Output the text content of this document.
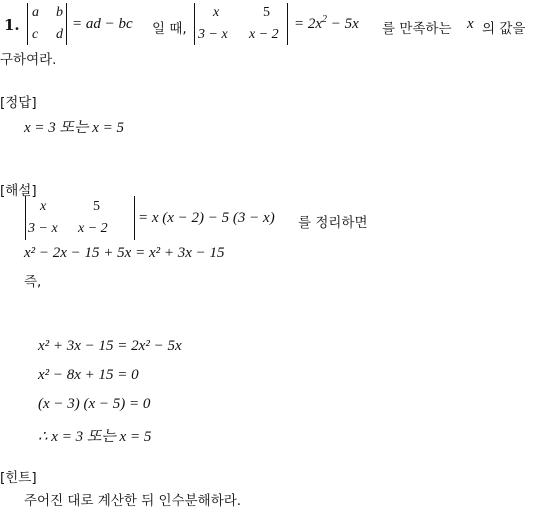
1.
a b
c d
= ad − bc 일 때,
x	5
3 − x x − 2
= $2x^2 - 5x$ 를 만족하는 x 의 값을
구하여라.
[정답]
x = 3 또는 x = 5
[해설]
x	5
3 − x x − 2
= x (x − 2) − 5 (3 − x) 를 정리하면
x² − 2x − 15 + 5x = x² + 3x − 15
즉,
x² + 3x − 15 = 2x² − 5x
x² − 8x + 15 = 0
(x − 3) (x − 5) = 0
∴ x = 3 또는 x = 5
[힌트]
주어진 대로 계산한 뒤 인수분해하라.
